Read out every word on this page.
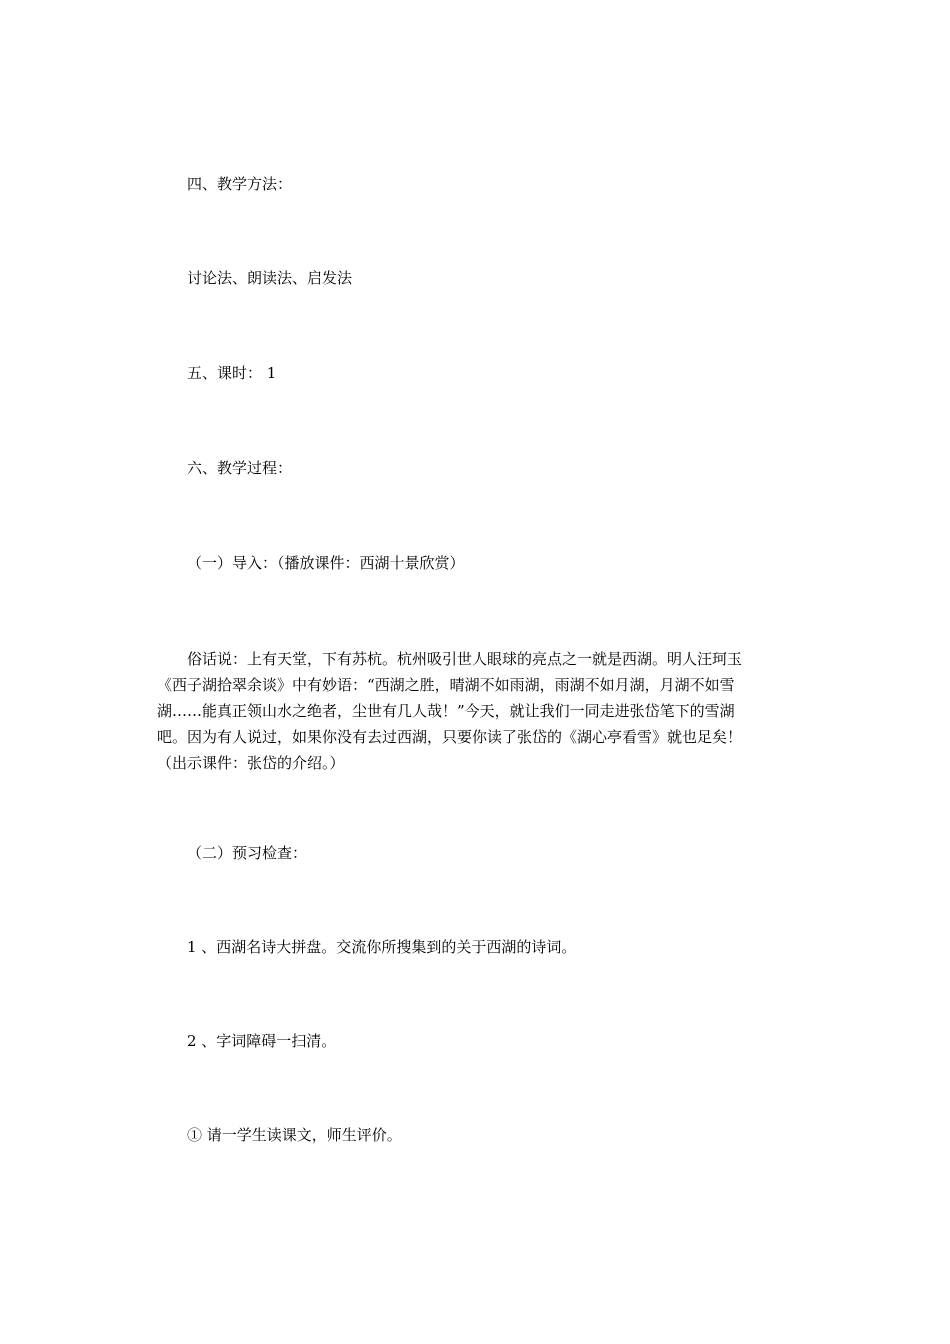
四、教学方法：
讨论法、朗读法、启发法
五、课时： 1
六、教学过程：
（一）导入：（播放课件：西湖十景欣赏）
俗话说：上有天堂，下有苏杭。杭州吸引世人眼球的亮点之一就是西湖。明人汪珂玉
《西子湖拾翠余谈》中有妙语：“西湖之胜，晴湖不如雨湖，雨湖不如月湖，月湖不如雪
湖……能真正领山水之绝者，尘世有几人哉！”今天，就让我们一同走进张岱笔下的雪湖
吧。因为有人说过，如果你没有去过西湖，只要你读了张岱的《湖心亭看雪》就也足矣！
（出示课件：张岱的介绍。）
（二）预习检查：
1 、西湖名诗大拼盘。交流你所搜集到的关于西湖的诗词。
2 、字词障碍一扫清。
① 请一学生读课文，师生评价。
